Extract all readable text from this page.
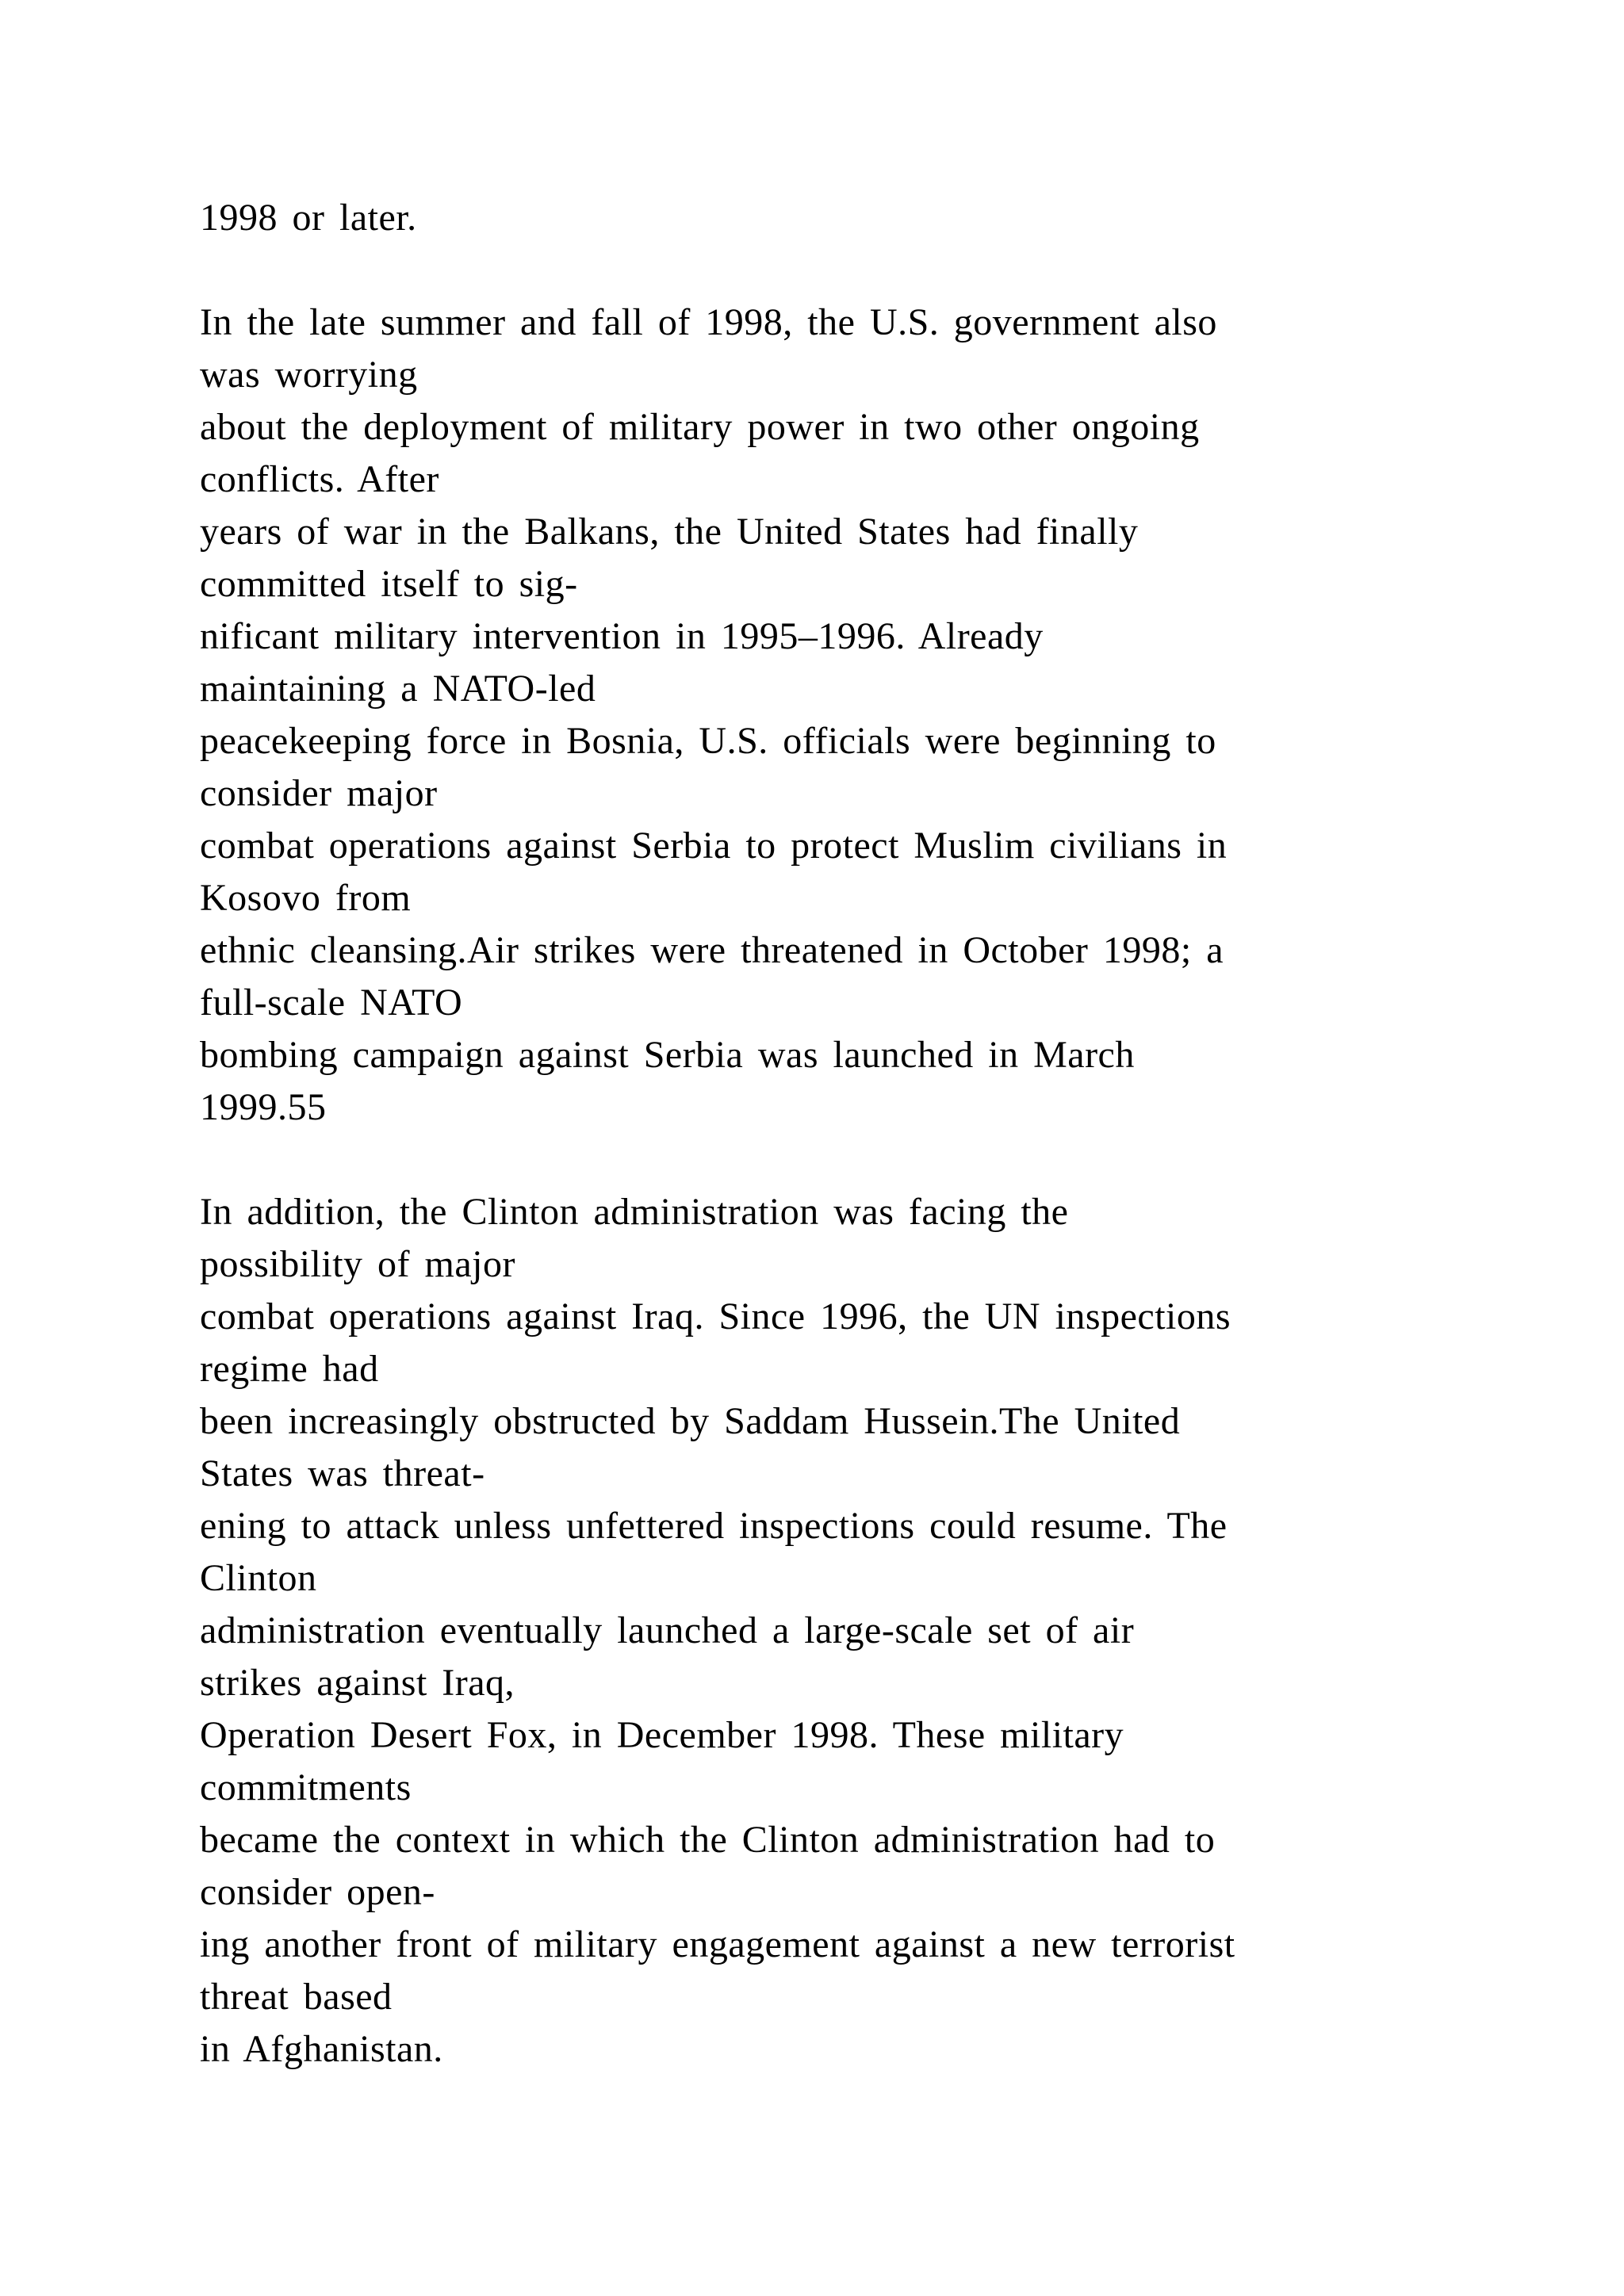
1998 or later.
In the late summer and fall of 1998, the U.S. government also
was worrying
about the deployment of military power in two other ongoing
conflicts. After
years of war in the Balkans, the United States had finally
committed itself to sig-
nificant military intervention in 1995–1996. Already
maintaining a NATO-led
peacekeeping force in Bosnia, U.S. officials were beginning to
consider major
combat operations against Serbia to protect Muslim civilians in
Kosovo from
ethnic cleansing.Air strikes were threatened in October 1998; a
full-scale NATO
bombing campaign against Serbia was launched in March
1999.55
In addition, the Clinton administration was facing the
possibility of major
combat operations against Iraq. Since 1996, the UN inspections
regime had
been increasingly obstructed by Saddam Hussein.The United
States was threat-
ening to attack unless unfettered inspections could resume. The
Clinton
administration eventually launched a large-scale set of air
strikes against Iraq,
Operation Desert Fox, in December 1998. These military
commitments
became the context in which the Clinton administration had to
consider open-
ing another front of military engagement against a new terrorist
threat based
in Afghanistan.
